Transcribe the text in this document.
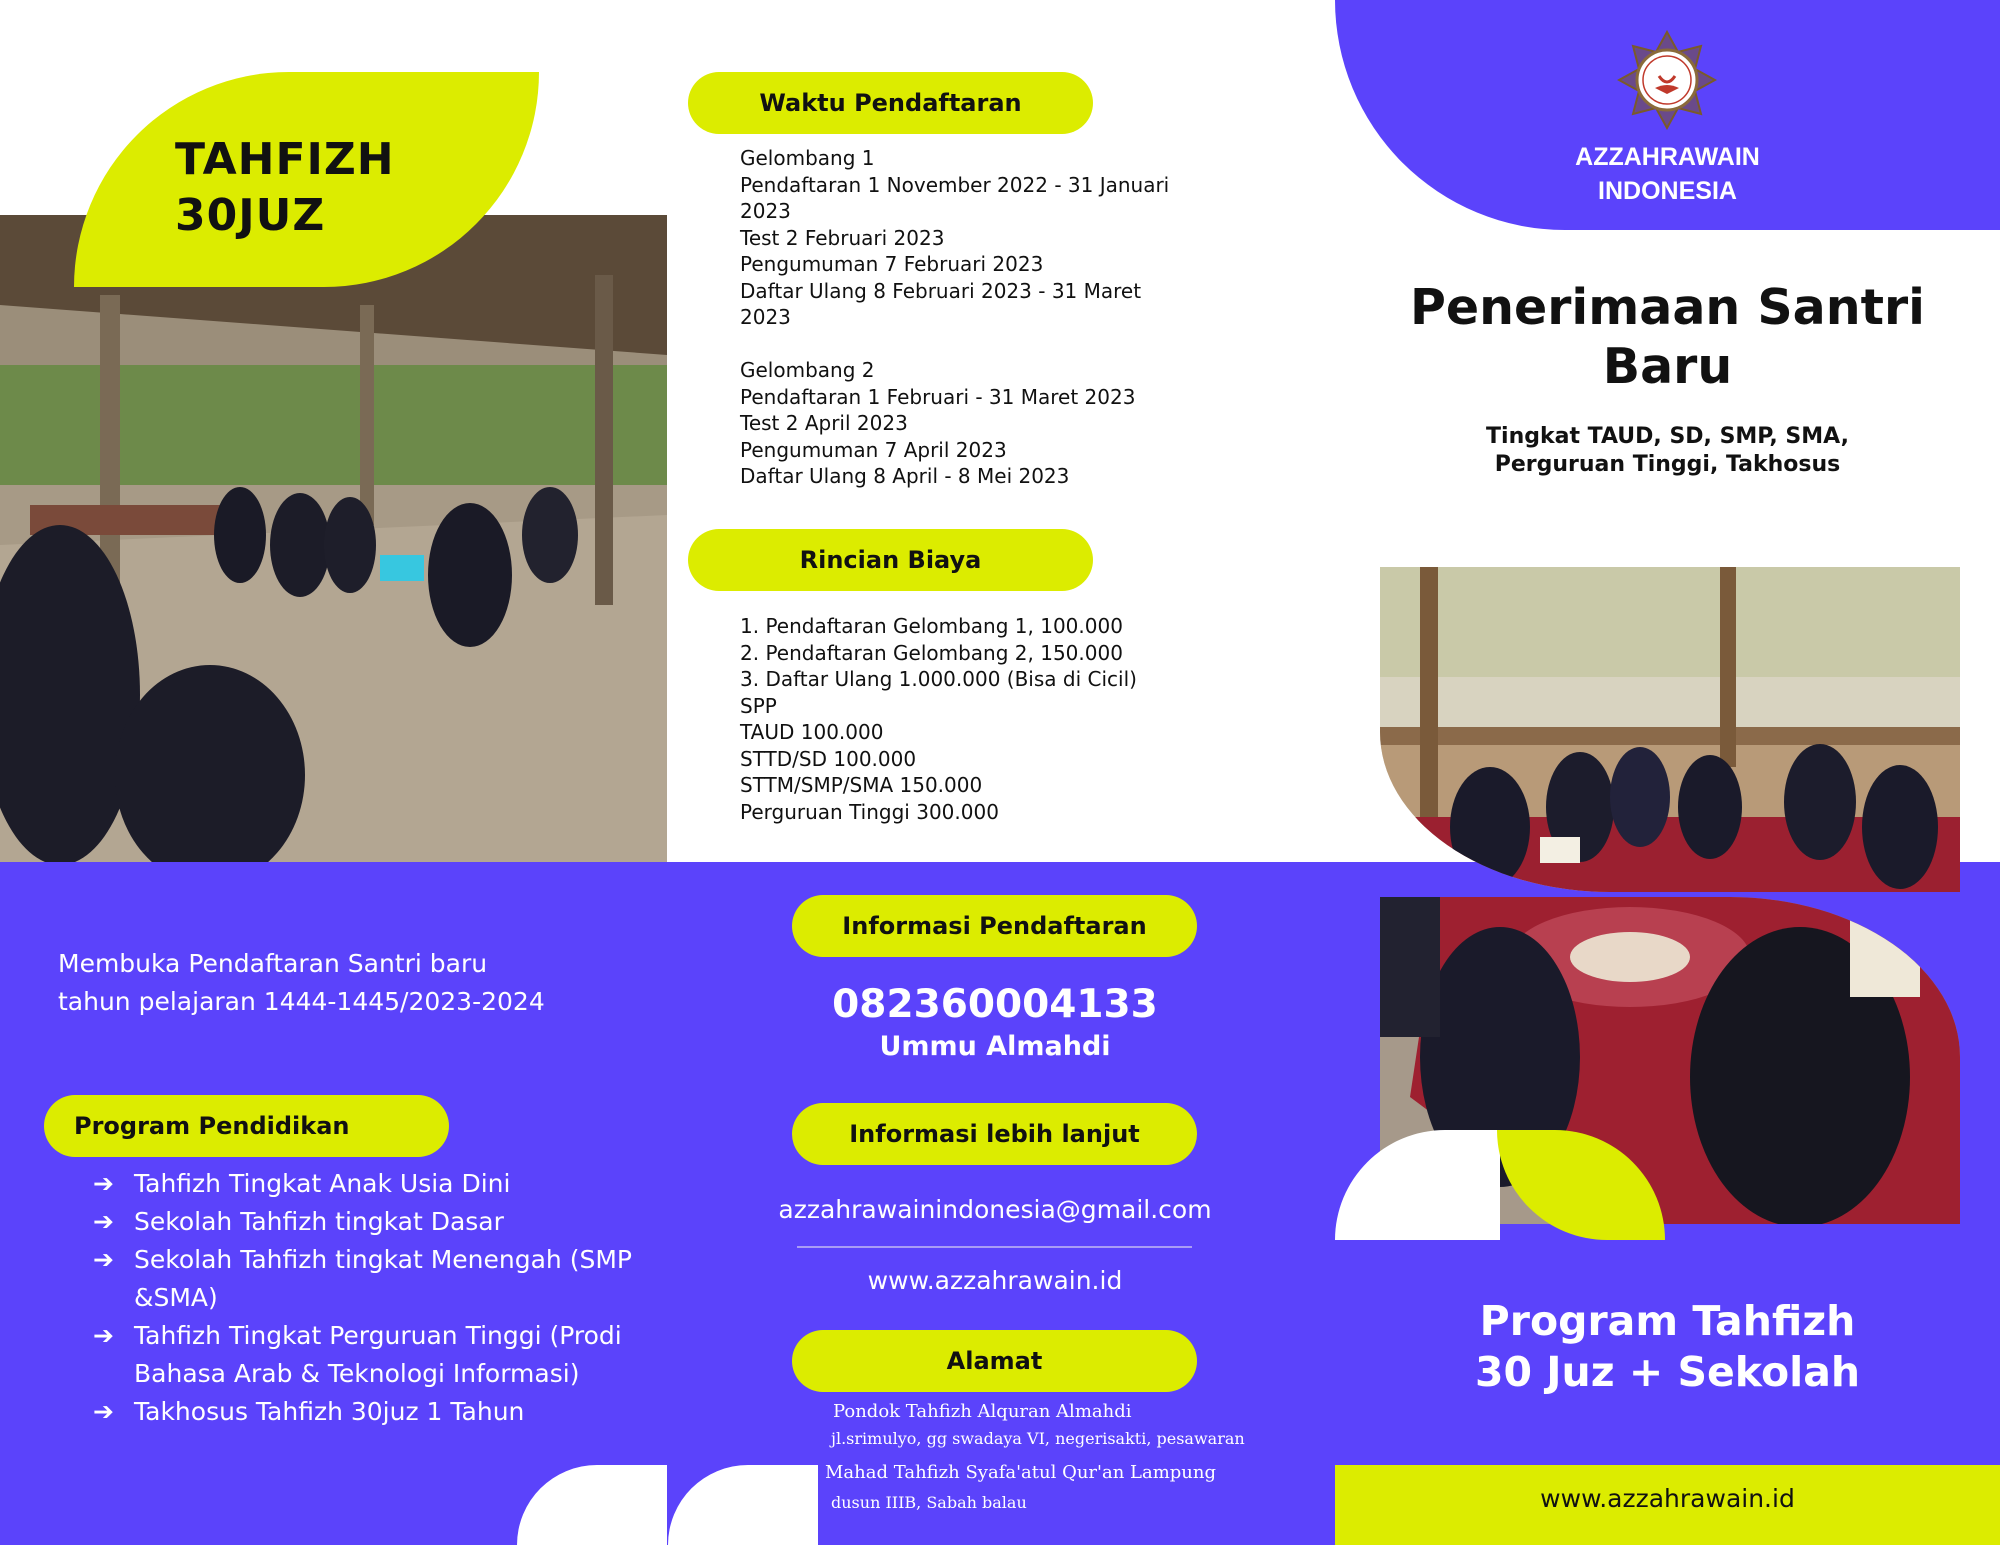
AZZAHRAWAIN
INDONESIA
TAHFIZH
30JUZ
Waktu Pendaftaran
Gelombang 1
Pendaftaran 1 November 2022 - 31 Januari 2023
Test 2 Februari 2023
Pengumuman 7 Februari 2023
Daftar Ulang 8 Februari 2023 - 31 Maret 2023
Gelombang 2
Pendaftaran 1 Februari - 31 Maret 2023
Test 2 April 2023
Pengumuman 7 April 2023
Daftar Ulang 8 April - 8 Mei 2023
Rincian Biaya
1. Pendaftaran Gelombang 1, 100.000
2. Pendaftaran Gelombang 2, 150.000
3. Daftar Ulang 1.000.000 (Bisa di Cicil)
SPP
TAUD 100.000
STTD/SD 100.000
STTM/SMP/SMA 150.000
Perguruan Tinggi 300.000
Penerimaan Santri
Baru
Tingkat TAUD, SD, SMP, SMA,
Perguruan Tinggi, Takhosus
Program Tahfizh
30 Juz + Sekolah
www.azzahrawain.id
Membuka Pendaftaran Santri baru
tahun pelajaran 1444-1445/2023-2024
Program Pendidikan
➔ Tahfizh Tingkat Anak Usia Dini
➔ Sekolah Tahfizh tingkat Dasar
➔ Sekolah Tahfizh tingkat Menengah (SMP &SMA)
➔ Tahfizh Tingkat Perguruan Tinggi (Prodi Bahasa Arab & Teknologi Informasi)
➔ Takhosus Tahfizh 30juz 1 Tahun
Informasi Pendaftaran
082360004133
Ummu Almahdi
Informasi lebih lanjut
azzahrawainindonesia@gmail.com
www.azzahrawain.id
Alamat
Pondok Tahfizh Alquran Almahdi
jl.srimulyo, gg swadaya VI, negerisakti, pesawaran
Mahad Tahfizh Syafa'atul Qur'an Lampung
dusun IIIB, Sabah balau
